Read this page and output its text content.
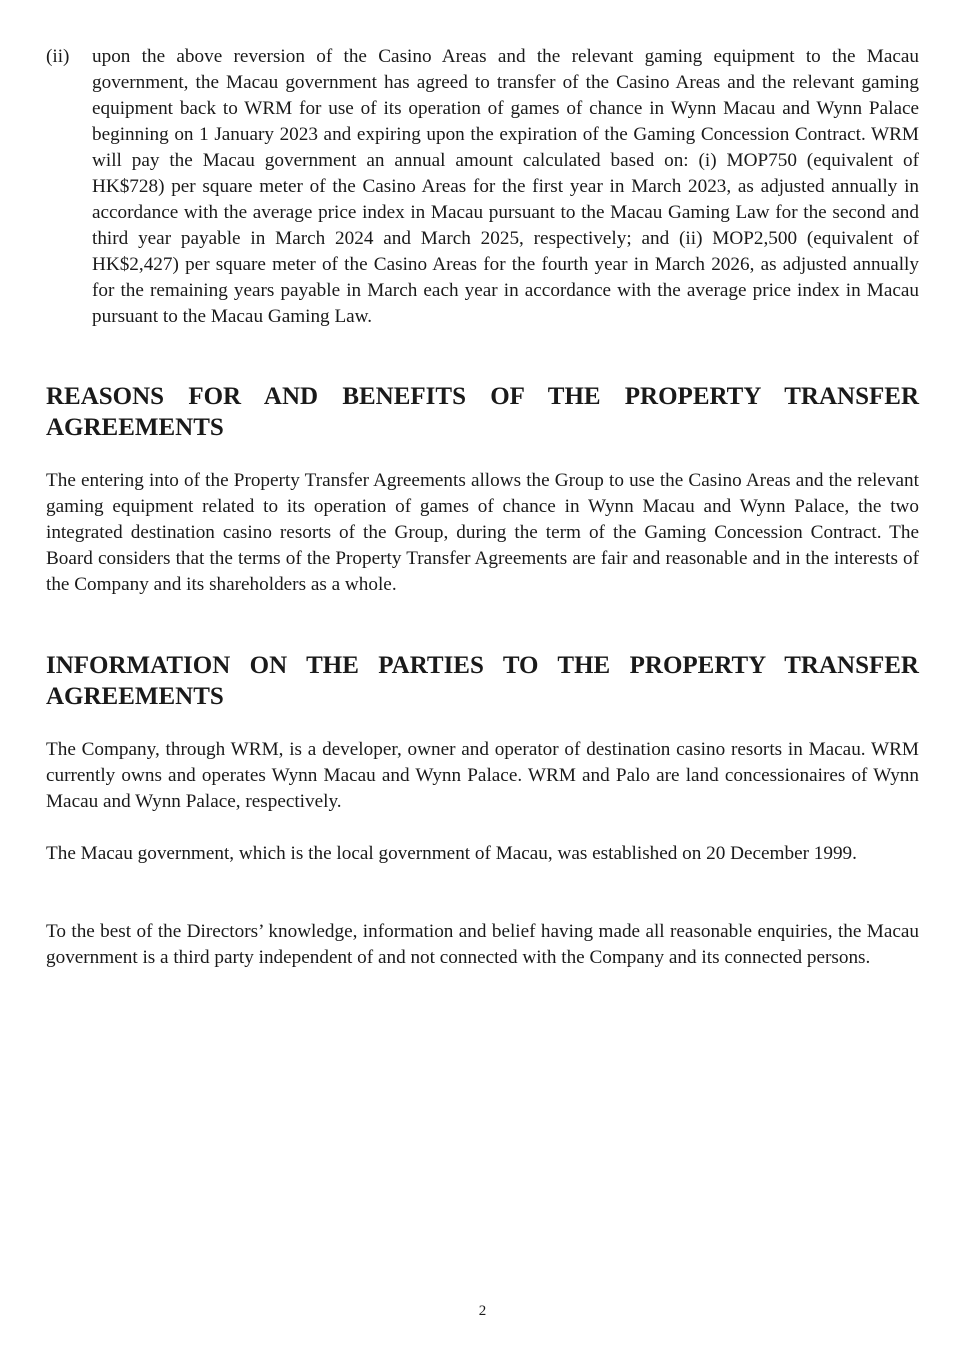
(ii)	upon the above reversion of the Casino Areas and the relevant gaming equipment to the Macau government, the Macau government has agreed to transfer of the Casino Areas and the relevant gaming equipment back to WRM for use of its operation of games of chance in Wynn Macau and Wynn Palace beginning on 1 January 2023 and expiring upon the expiration of the Gaming Concession Contract. WRM will pay the Macau government an annual amount calculated based on: (i) MOP750 (equivalent of HK$728) per square meter of the Casino Areas for the first year in March 2023, as adjusted annually in accordance with the average price index in Macau pursuant to the Macau Gaming Law for the second and third year payable in March 2024 and March 2025, respectively; and (ii) MOP2,500 (equivalent of HK$2,427) per square meter of the Casino Areas for the fourth year in March 2026, as adjusted annually for the remaining years payable in March each year in accordance with the average price index in Macau pursuant to the Macau Gaming Law.

REASONS FOR AND BENEFITS OF THE PROPERTY TRANSFER AGREEMENTS

The entering into of the Property Transfer Agreements allows the Group to use the Casino Areas and the relevant gaming equipment related to its operation of games of chance in Wynn Macau and Wynn Palace, the two integrated destination casino resorts of the Group, during the term of the Gaming Concession Contract. The Board considers that the terms of the Property Transfer Agreements are fair and reasonable and in the interests of the Company and its shareholders as a whole.

INFORMATION ON THE PARTIES TO THE PROPERTY TRANSFER AGREEMENTS

The Company, through WRM, is a developer, owner and operator of destination casino resorts in Macau. WRM currently owns and operates Wynn Macau and Wynn Palace. WRM and Palo are land concessionaires of Wynn Macau and Wynn Palace, respectively.

The Macau government, which is the local government of Macau, was established on 20 December 1999.

To the best of the Directors’ knowledge, information and belief having made all reasonable enquiries, the Macau government is a third party independent of and not connected with the Company and its connected persons.

2
